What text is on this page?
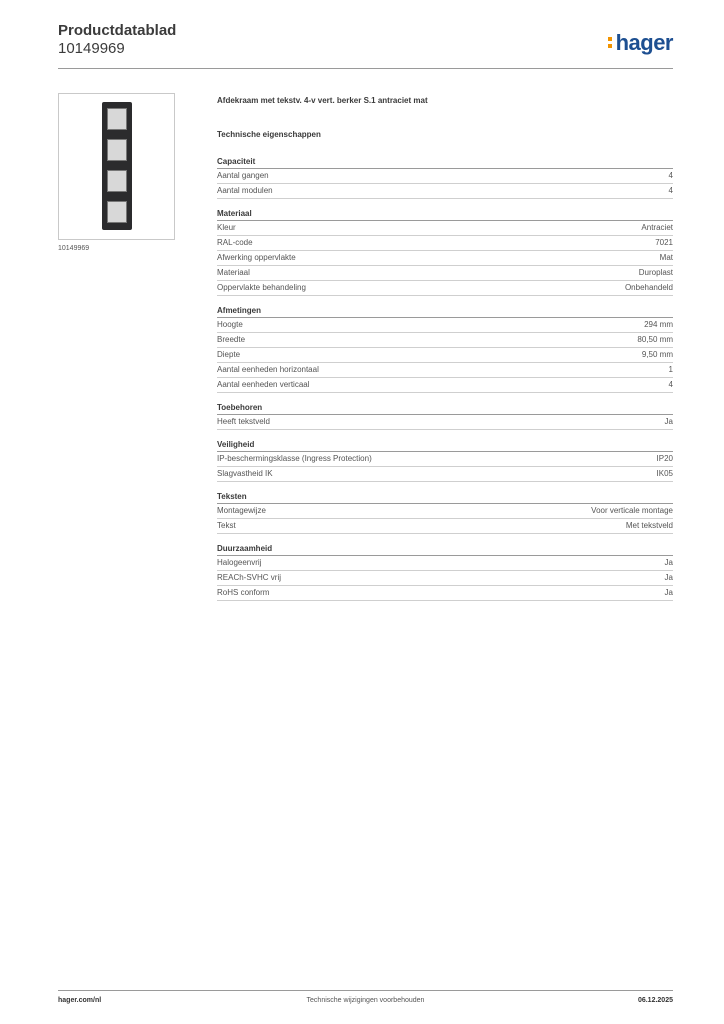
Productdatablad
10149969	hager
10149969
Afdekraam met tekstv. 4-v vert. berker S.1 antraciet mat
Technische eigenschappen
Capaciteit
Aantal gangen	4
Aantal modulen	4
Materiaal
Kleur	Antraciet
RAL-code	7021
Afwerking oppervlakte	Mat
Materiaal	Duroplast
Oppervlakte behandeling	Onbehandeld
Afmetingen
Hoogte	294 mm
Breedte	80,50 mm
Diepte	9,50 mm
Aantal eenheden horizontaal	1
Aantal eenheden verticaal	4
Toebehoren
Heeft tekstveld	Ja
Veiligheid
IP-beschermingsklasse (Ingress Protection)	IP20
Slagvastheid IK	IK05
Teksten
Montagewijze	Voor verticale montage
Tekst	Met tekstveld
Duurzaamheid
Halogeenvrij	Ja
REACh-SVHC vrij	Ja
RoHS conform	Ja
hager.com/nl	Technische wijzigingen voorbehouden	06.12.2025
